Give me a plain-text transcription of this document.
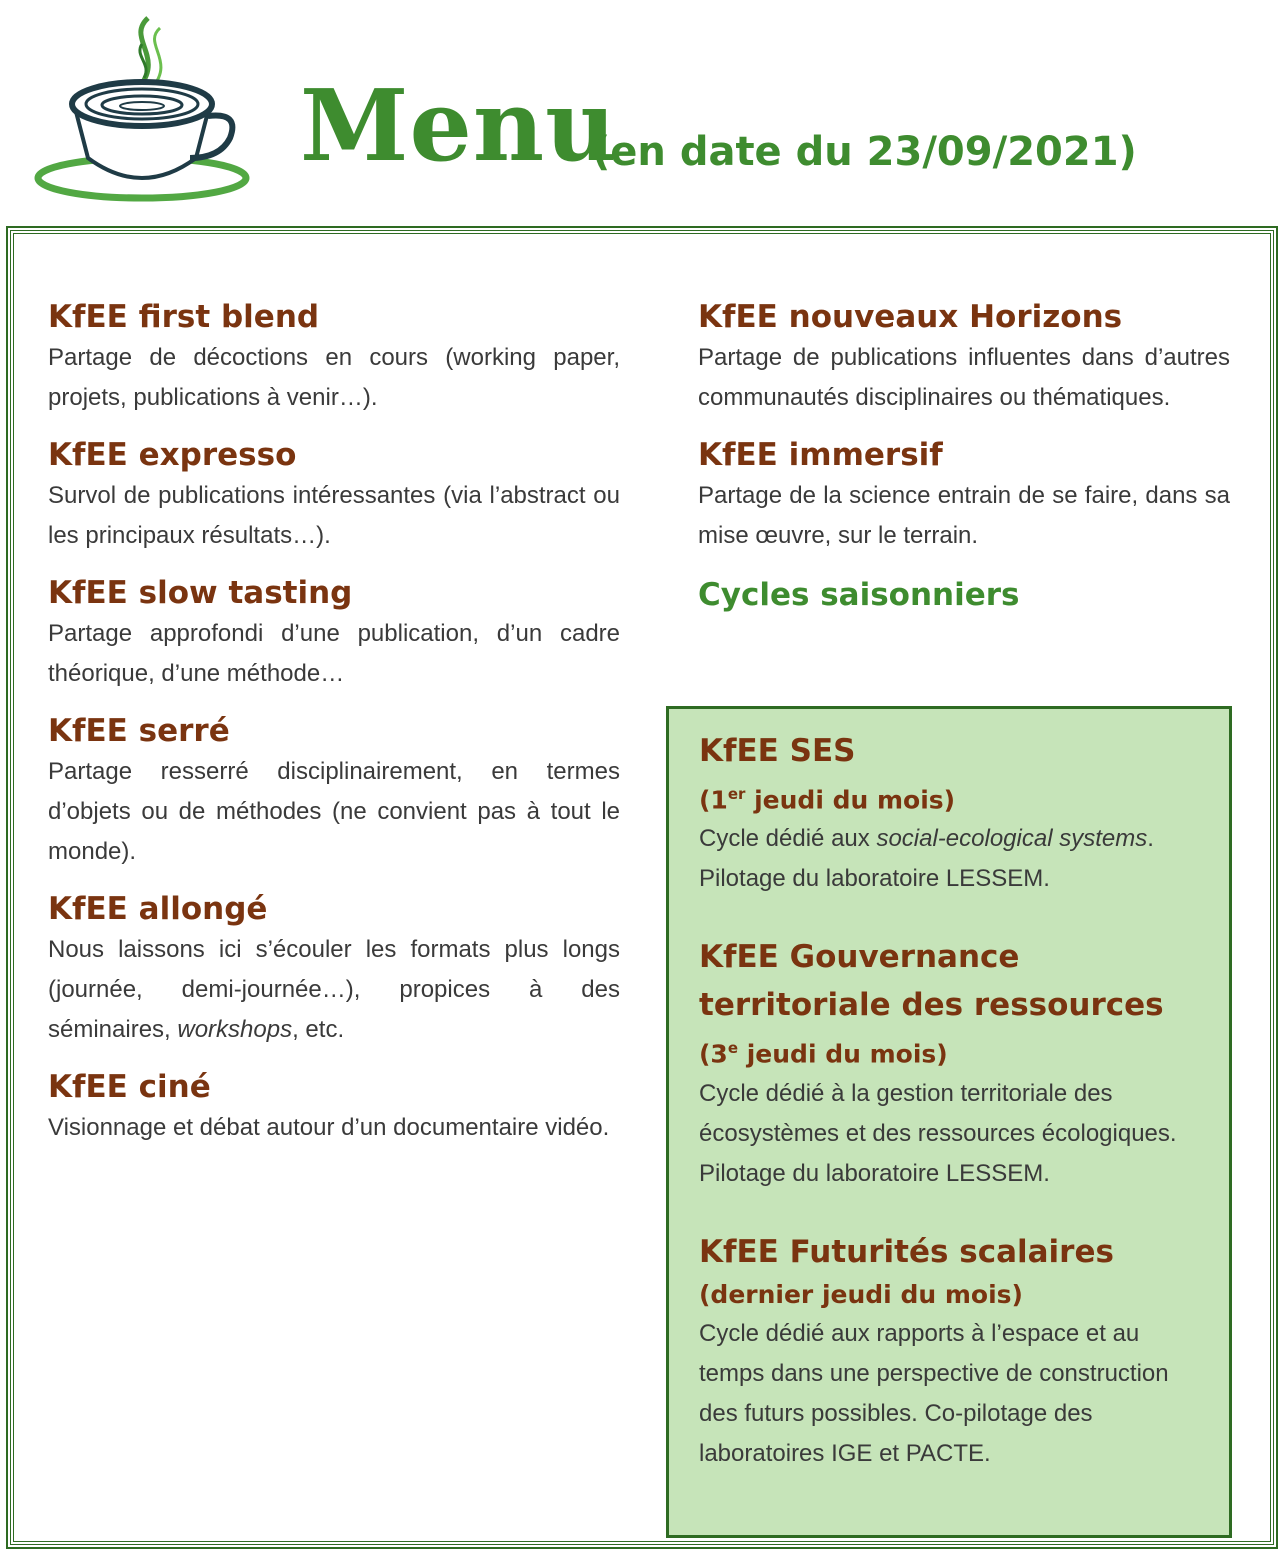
Menu
(en date du 23/09/2021)
KfEE first blend

Partage de décoctions en cours (working paper, projets, publications à venir…).

KfEE expresso

Survol de publications intéressantes (via l’abstract ou les principaux résultats…).

KfEE slow tasting

Partage approfondi d’une publication, d’un cadre théorique, d’une méthode…

KfEE serré

Partage resserré disciplinairement, en termes d’objets ou de méthodes (ne convient pas à tout le monde).

KfEE allongé

Nous laissons ici s’écouler les formats plus longs (journée, demi-journée…), propices à des séminaires, workshops, etc.

KfEE ciné

Visionnage et débat autour d’un documentaire vidéo.

KfEE nouveaux Horizons

Partage de publications influentes dans d’autres communautés disciplinaires ou thématiques.

KfEE immersif

Partage de la science entrain de se faire, dans sa mise œuvre, sur le terrain.

Cycles saisonniers
KfEE SES
(1er jeudi du mois)

Cycle dédié aux social-ecological systems. Pilotage du laboratoire LESSEM.

KfEE Gouvernance territoriale des ressources
(3e jeudi du mois)

Cycle dédié à la gestion territoriale des écosystèmes et des ressources écologiques. Pilotage du laboratoire LESSEM.

KfEE Futurités scalaires
(dernier jeudi du mois)

Cycle dédié aux rapports à l’espace et au temps dans une perspective de construction des futurs possibles. Co-pilotage des laboratoires IGE et PACTE.
